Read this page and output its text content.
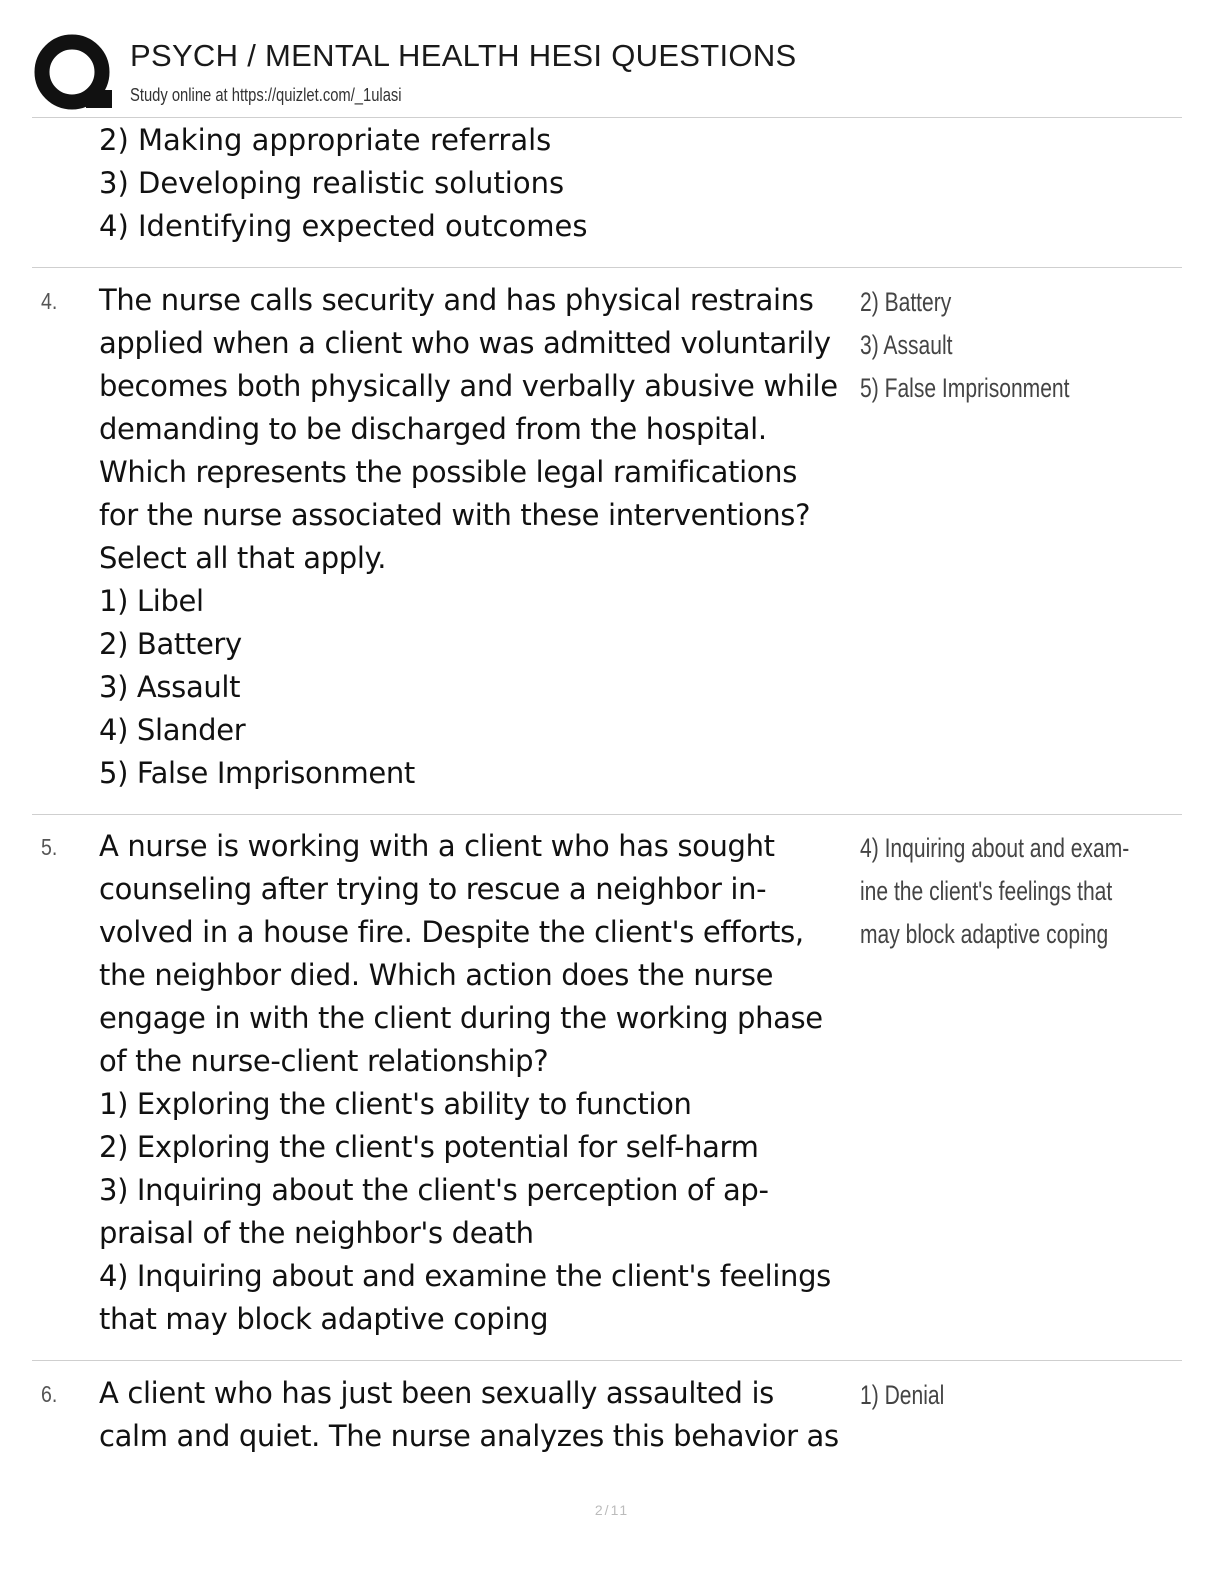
PSYCH / MENTAL HEALTH HESI QUESTIONS
Study online at https://quizlet.com/_1ulasi
2) Making appropriate referrals
3) Developing realistic solutions
4) Identifying expected outcomes
4. The nurse calls security and has physical restrains
applied when a client who was admitted voluntarily
becomes both physically and verbally abusive while
demanding to be discharged from the hospital.
Which represents the possible legal ramifications
for the nurse associated with these interventions?
Select all that apply.
1) Libel
2) Battery
3) Assault
4) Slander
5) False Imprisonment
2) Battery
3) Assault
5) False Imprisonment
5. A nurse is working with a client who has sought
counseling after trying to rescue a neighbor in-
volved in a house fire. Despite the client's efforts,
the neighbor died. Which action does the nurse
engage in with the client during the working phase
of the nurse-client relationship?
1) Exploring the client's ability to function
2) Exploring the client's potential for self-harm
3) Inquiring about the client's perception of ap-
praisal of the neighbor's death
4) Inquiring about and examine the client's feelings
that may block adaptive coping
4) Inquiring about and exam-
ine the client's feelings that
may block adaptive coping
6. A client who has just been sexually assaulted is
calm and quiet. The nurse analyzes this behavior as
1) Denial
2/11
